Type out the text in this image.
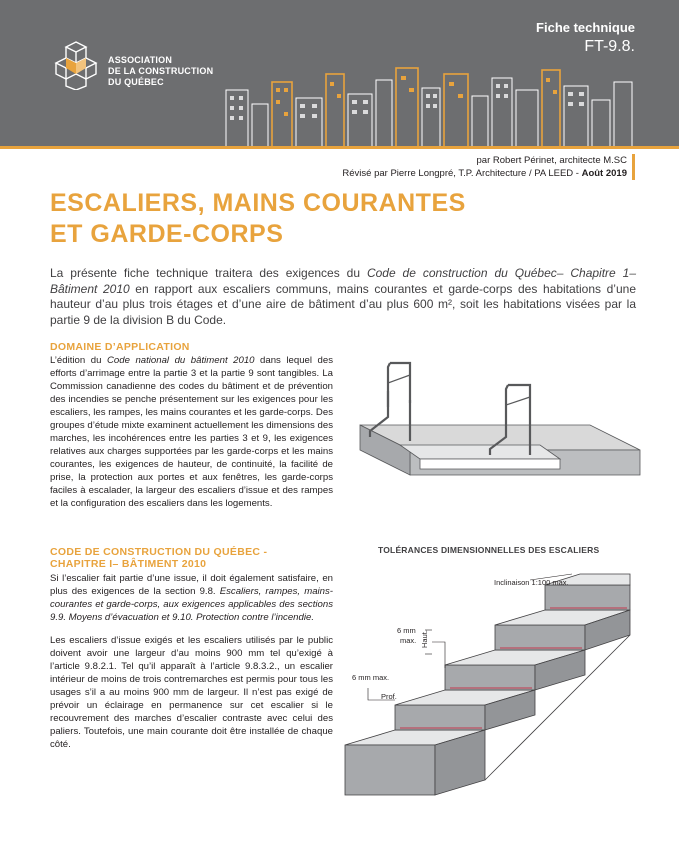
ASSOCIATION
DE LA CONSTRUCTION
DU QUÉBEC
Fiche technique
FT-9.8.
par Robert Périnet, architecte M.SC
Révisé par Pierre Longpré, T.P. Architecture / PA LEED - Août 2019
ESCALIERS, MAINS COURANTES
ET GARDE-CORPS
La présente fiche technique traitera des exigences du Code de construction du Québec– Chapitre 1– Bâtiment 2010 en rapport aux escaliers communs, mains courantes et garde-corps des habitations d’une hauteur d’au plus trois étages et d’une aire de bâtiment d’au plus 600 m², soit les habitations visées par la partie 9 de la division B du Code.
DOMAINE D’APPLICATION

L’édition du Code national du bâtiment 2010 dans lequel des efforts d’arrimage entre la partie 3 et la partie 9 sont tangibles. La Commission canadienne des codes du bâtiment et de prévention des incendies se penche présentement sur les exigences pour les escaliers, les rampes, les mains courantes et les garde-corps. Des groupes d’étude mixte examinent actuellement les dimensions des marches, les incohérences entre les parties 3 et 9, les exigences relatives aux charges supportées par les garde-corps et les mains courantes, les exigences de hauteur, de continuité, la facilité de prise, la protection aux portes et aux fenêtres, les garde-corps faciles à escalader, la largeur des escaliers d’issue et des rampes et la configuration des escaliers dans les logements.

CODE DE CONSTRUCTION DU QUÉBEC -
CHAPITRE I– BÂTIMENT 2010

Si l’escalier fait partie d’une issue, il doit également satisfaire, en plus des exigences de la section 9.8. Escaliers, rampes, mains-courantes et garde-corps, aux exigences applicables des sections 9.9. Moyens d’évacuation et 9.10. Protection contre l’incendie.

Les escaliers d’issue exigés et les escaliers utilisés par le public doivent avoir une largeur d’au moins 900 mm tel qu’exigé à l’article 9.8.2.1. Tel qu’il apparaît à l’article 9.8.3.2., un escalier intérieur de moins de trois contremarches est permis pour tous les usages s’il a au moins 900 mm de largeur. Il n’est pas exigé de prévoir un éclairage en permanence sur cet escalier si le recouvrement des marches d’escalier contraste avec celui des paliers. Toutefois, une main courante doit être installée de chaque côté.

TOLÉRANCES DIMENSIONNELLES DES ESCALIERS
Inclinaison 1:100 max.
6 mm
max. Haut.
6 mm max.
Prof.
